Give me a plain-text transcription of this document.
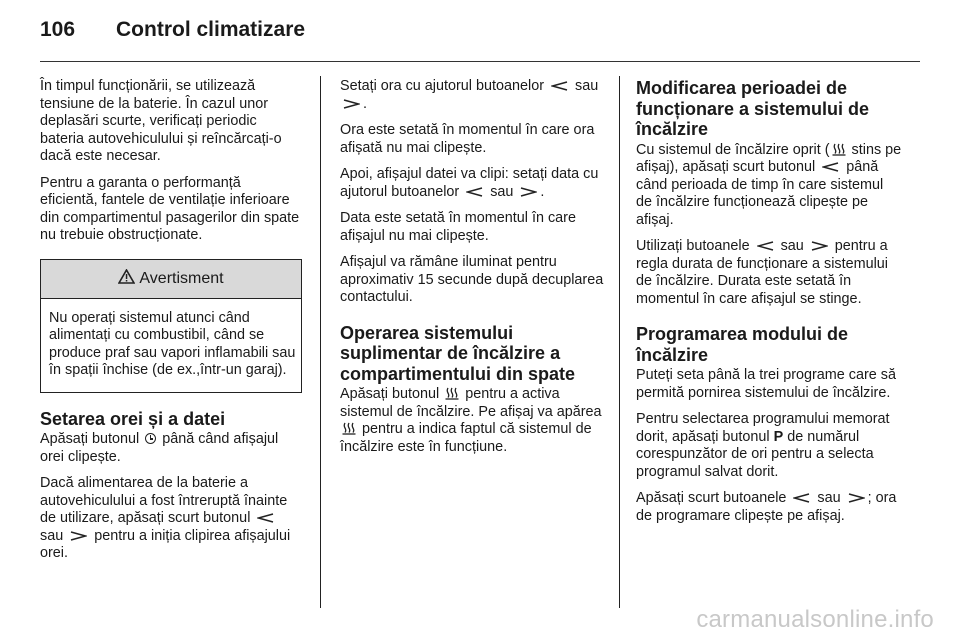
106	Control climatizare

În timpul funcționării, se utilizează tensiune de la baterie. În cazul unor deplasări scurte, verificați periodic bateria autovehiculului și reîncărcați-o dacă este necesar.

Pentru a garanta o performanță eficientă, fantele de ventilație inferioare din compartimentul pasagerilor din spate nu trebuie obstrucționate.

Avertisment
Nu operați sistemul atunci când alimentați cu combustibil, când se produce praf sau vapori inflamabili sau în spații închise (de ex.,într-un garaj).
Setarea orei și a datei

Apăsați butonul până când afișajul orei clipește.

Dacă alimentarea de la baterie a autovehiculului a fost întreruptă înainte de utilizare, apăsați scurt butonul  sau pentru a iniția clipirea afișajului orei.

Setați ora cu ajutorul butoanelor sau .

Ora este setată în momentul în care ora afișată nu mai clipește.

Apoi, afișajul datei va clipi: setați data cu ajutorul butoanelor sau .

Data este setată în momentul în care afișajul nu mai clipește.

Afișajul va rămâne iluminat pentru aproximativ 15 secunde după decuplarea contactului.

Operarea sistemului suplimentar de încălzire a compartimentului din spate

Apăsați butonul pentru a activa sistemul de încălzire. Pe afișaj va apărea  pentru a indica faptul că sistemul de încălzire este în funcțiune.

Modificarea perioadei de funcționare a sistemului de încălzire

Cu sistemul de încălzire oprit ( stins pe afișaj), apăsați scurt butonul până când perioada de timp în care sistemul de încălzire funcționează clipește pe afișaj.

Utilizați butoanele sau pentru a regla durata de funcționare a sistemului de încălzire. Durata este setată în momentul în care afișajul se stinge.

Programarea modului de încălzire

Puteți seta până la trei programe care să permită pornirea sistemului de încălzire.

Pentru selectarea programului memorat dorit, apăsați butonul P de numărul corespunzător de ori pentru a selecta programul salvat dorit.

Apăsați scurt butoanele sau ; ora de programare clipește pe afișaj.

carmanualsonline.info
